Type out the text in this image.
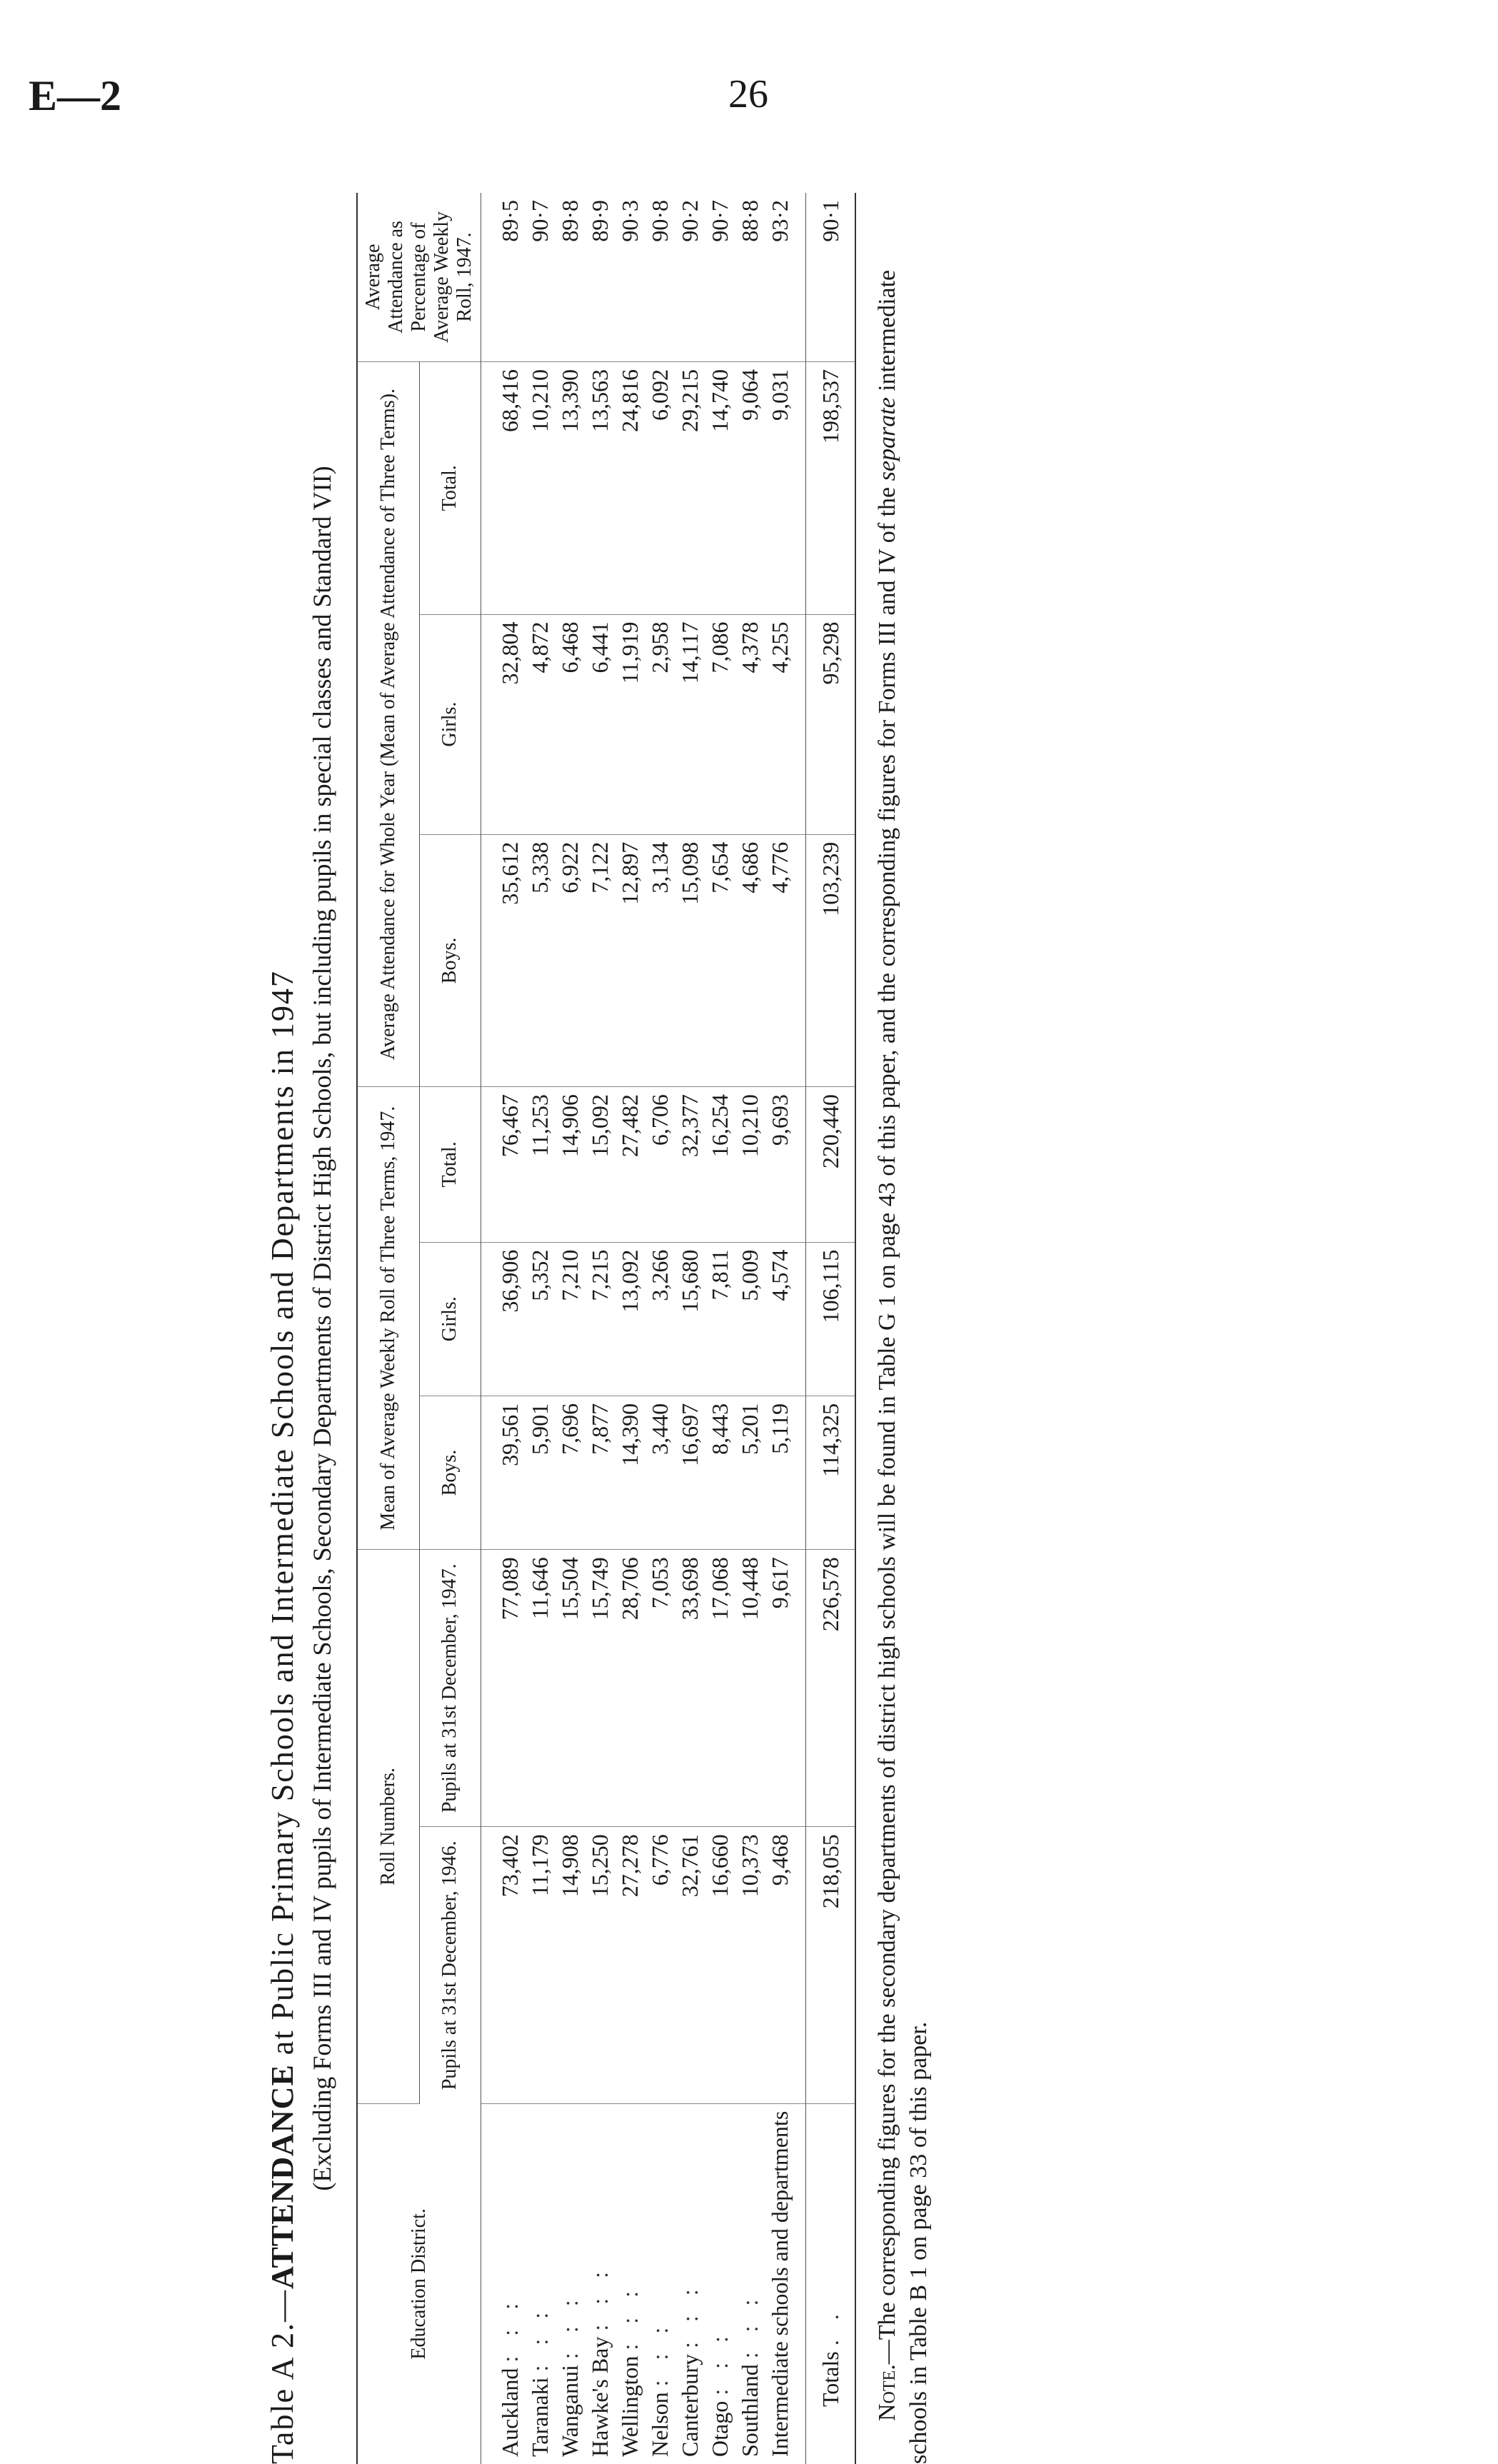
E—2	26
Table A 2.—ATTENDANCE at Public Primary Schools and Intermediate Schools and Departments in 1947 (Excluding Forms III and IV pupils of Intermediate Schools, Secondary Departments of District High Schools, but including pupils in special classes and Standard VII)
Education District.	Roll Numbers.		Mean of Average Weekly Roll of Three Terms, 1947.			Average Attendance for Whole Year (Mean of Average Attendance of Three Terms).			Average Attendance as Percentage of Average Weekly Roll, 1947.
	Pupils at 31st December, 1946.	Pupils at 31st December, 1947.	Boys.	Girls.	Total.	Boys.	Girls.	Total.	
Auckland : : :	73,402	77,089	39,561	36,906	76,467	35,612	32,804	68,416	89·5
Taranaki : : :	11,179	11,646	5,901	5,352	11,253	5,338	4,872	10,210	90·7
Wanganui : : :	14,908	15,504	7,696	7,210	14,906	6,922	6,468	13,390	89·8
Hawke's Bay : : :	15,250	15,749	7,877	7,215	15,092	7,122	6,441	13,563	89·9
Wellington : : :	27,278	28,706	14,390	13,092	27,482	12,897	11,919	24,816	90·3
Nelson : : :	6,776	7,053	3,440	3,266	6,706	3,134	2,958	6,092	90·8
Canterbury : : :	32,761	33,698	16,697	15,680	32,377	15,098	14,117	29,215	90·2
Otago : : :	16,660	17,068	8,443	7,811	16,254	7,654	7,086	14,740	90·7
Southland : : :	10,373	10,448	5,201	5,009	10,210	4,686	4,378	9,064	88·8
Intermediate schools and departments	9,468	9,617	5,119	4,574	9,693	4,776	4,255	9,031	93·2
Totals . .	218,055	226,578	114,325	106,115	220,440	103,239	95,298	198,537	90·1
Note.—The corresponding figures for the secondary departments of district high schools will be found in Table G 1 on page 43 of this paper, and the corresponding figures for Forms III and IV of the separate intermediate schools in Table B 1 on page 33 of this paper.
